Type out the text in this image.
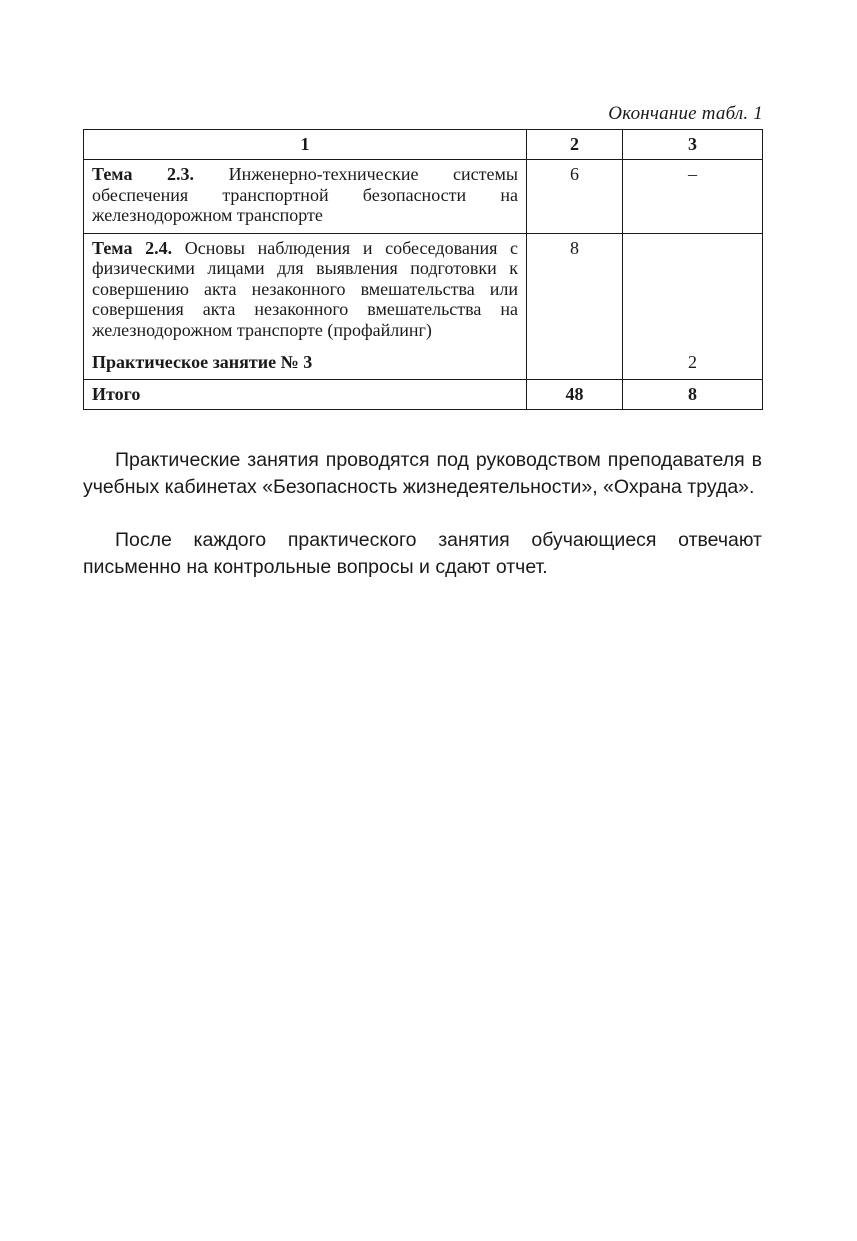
Окончание табл. 1
1	2	3
Тема 2.3. Инженерно-технические системы обеспечения транспортной безопасности на железнодорожном транспорте	6	–
Тема 2.4. Основы наблюдения и собеседования с физическими лицами для выявления подготовки к совершению акта незаконного вмешательства или совершения акта незаконного вмешательства на железнодорожном транспорте (профайлинг)	8	
Практическое занятие № 3		2
Итого	48	8

Практические занятия проводятся под руководством преподавателя в учебных кабинетах «Безопасность жизнедеятельности», «Охрана труда».

После каждого практического занятия обучающиеся отвечают письменно на контрольные вопросы и сдают отчет.
